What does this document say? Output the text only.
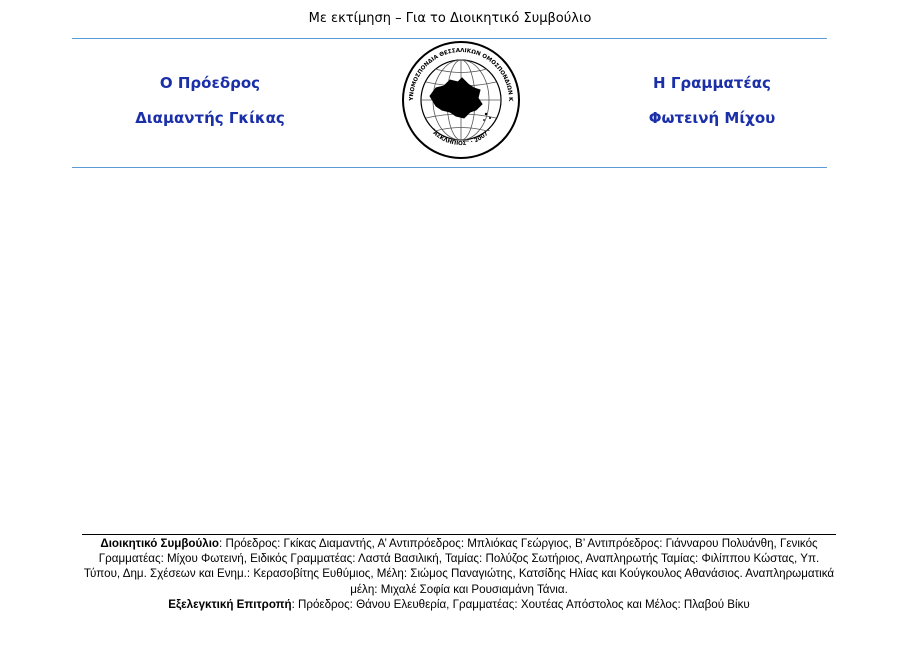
Με εκτίμηση – Για το Διοικητικό Συμβούλιο
Ο Πρόεδρος
Διαμαντής Γκίκας
ΥΝΟΜΟΣΠΟΝΔΙΑ ΘΕΣΣΑΛΙΚΩΝ ΟΜΟΣΠΟΝΔΙΩΝ Κ
"ΑΣΚΛΗΠΙΟΣ" · 2007 ·
Η Γραμματέας
Φωτεινή Μίχου
Διοικητικό Συμβούλιο: Πρόεδρος: Γκίκας Διαμαντής, Α’ Αντιπρόεδρος: Μπλιόκας Γεώργιος, Β’ Αντιπρόεδρος: Γιάνναρου Πολυάνθη, Γενικός Γραμματέας: Μίχου Φωτεινή, Ειδικός Γραμματέας: Λαστά Βασιλική, Ταμίας: Πολύζος Σωτήριος, Αναπληρωτής Ταμίας: Φιλίππου Κώστας, Υπ. Τύπου, Δημ. Σχέσεων και Ενημ.: Κερασοβίτης Ευθύμιος, Μέλη: Σιώμος Παναγιώτης, Κατσίδης Ηλίας και Κούγκουλος Αθανάσιος. Αναπληρωματικά μέλη: Μιχαλέ Σοφία και Ρουσιαμάνη Τάνια.
Εξελεγκτική Επιτροπή: Πρόεδρος: Θάνου Ελευθερία, Γραμματέας: Χουτέας Απόστολος και Μέλος: Πλαβού Βίκυ
